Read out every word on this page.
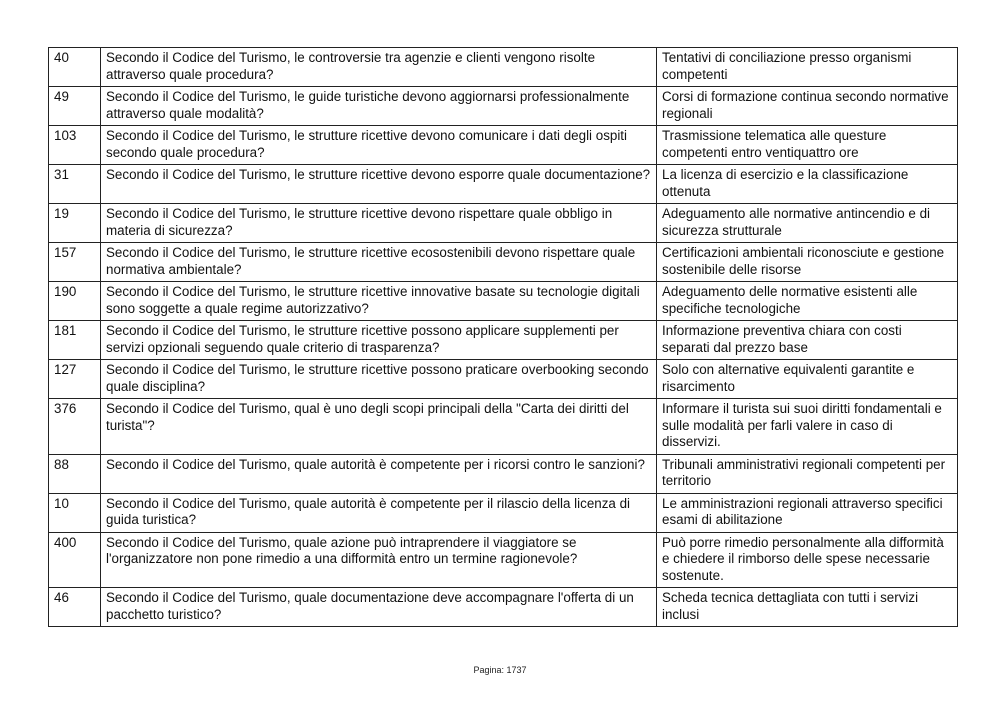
40	Secondo il Codice del Turismo, le controversie tra agenzie e clienti vengono risolte attraverso quale procedura?	Tentativi di conciliazione presso organismi competenti
49	Secondo il Codice del Turismo, le guide turistiche devono aggiornarsi professionalmente attraverso quale modalità?	Corsi di formazione continua secondo normative regionali
103	Secondo il Codice del Turismo, le strutture ricettive devono comunicare i dati degli ospiti secondo quale procedura?	Trasmissione telematica alle questure competenti entro ventiquattro ore
31	Secondo il Codice del Turismo, le strutture ricettive devono esporre quale documentazione?	La licenza di esercizio e la classificazione ottenuta
19	Secondo il Codice del Turismo, le strutture ricettive devono rispettare quale obbligo in materia di sicurezza?	Adeguamento alle normative antincendio e di sicurezza strutturale
157	Secondo il Codice del Turismo, le strutture ricettive ecosostenibili devono rispettare quale normativa ambientale?	Certificazioni ambientali riconosciute e gestione sostenibile delle risorse
190	Secondo il Codice del Turismo, le strutture ricettive innovative basate su tecnologie digitali sono soggette a quale regime autorizzativo?	Adeguamento delle normative esistenti alle specifiche tecnologiche
181	Secondo il Codice del Turismo, le strutture ricettive possono applicare supplementi per servizi opzionali seguendo quale criterio di trasparenza?	Informazione preventiva chiara con costi separati dal prezzo base
127	Secondo il Codice del Turismo, le strutture ricettive possono praticare overbooking secondo quale disciplina?	Solo con alternative equivalenti garantite e risarcimento
376	Secondo il Codice del Turismo, qual è uno degli scopi principali della "Carta dei diritti del turista"?	Informare il turista sui suoi diritti fondamentali e sulle modalità per farli valere in caso di disservizi.
88	Secondo il Codice del Turismo, quale autorità è competente per i ricorsi contro le sanzioni?	Tribunali amministrativi regionali competenti per territorio
10	Secondo il Codice del Turismo, quale autorità è competente per il rilascio della licenza di guida turistica?	Le amministrazioni regionali attraverso specifici esami di abilitazione
400	Secondo il Codice del Turismo, quale azione può intraprendere il viaggiatore se l'organizzatore non pone rimedio a una difformità entro un termine ragionevole?	Può porre rimedio personalmente alla difformità e chiedere il rimborso delle spese necessarie sostenute.
46	Secondo il Codice del Turismo, quale documentazione deve accompagnare l'offerta di un pacchetto turistico?	Scheda tecnica dettagliata con tutti i servizi inclusi
Pagina: 1737
